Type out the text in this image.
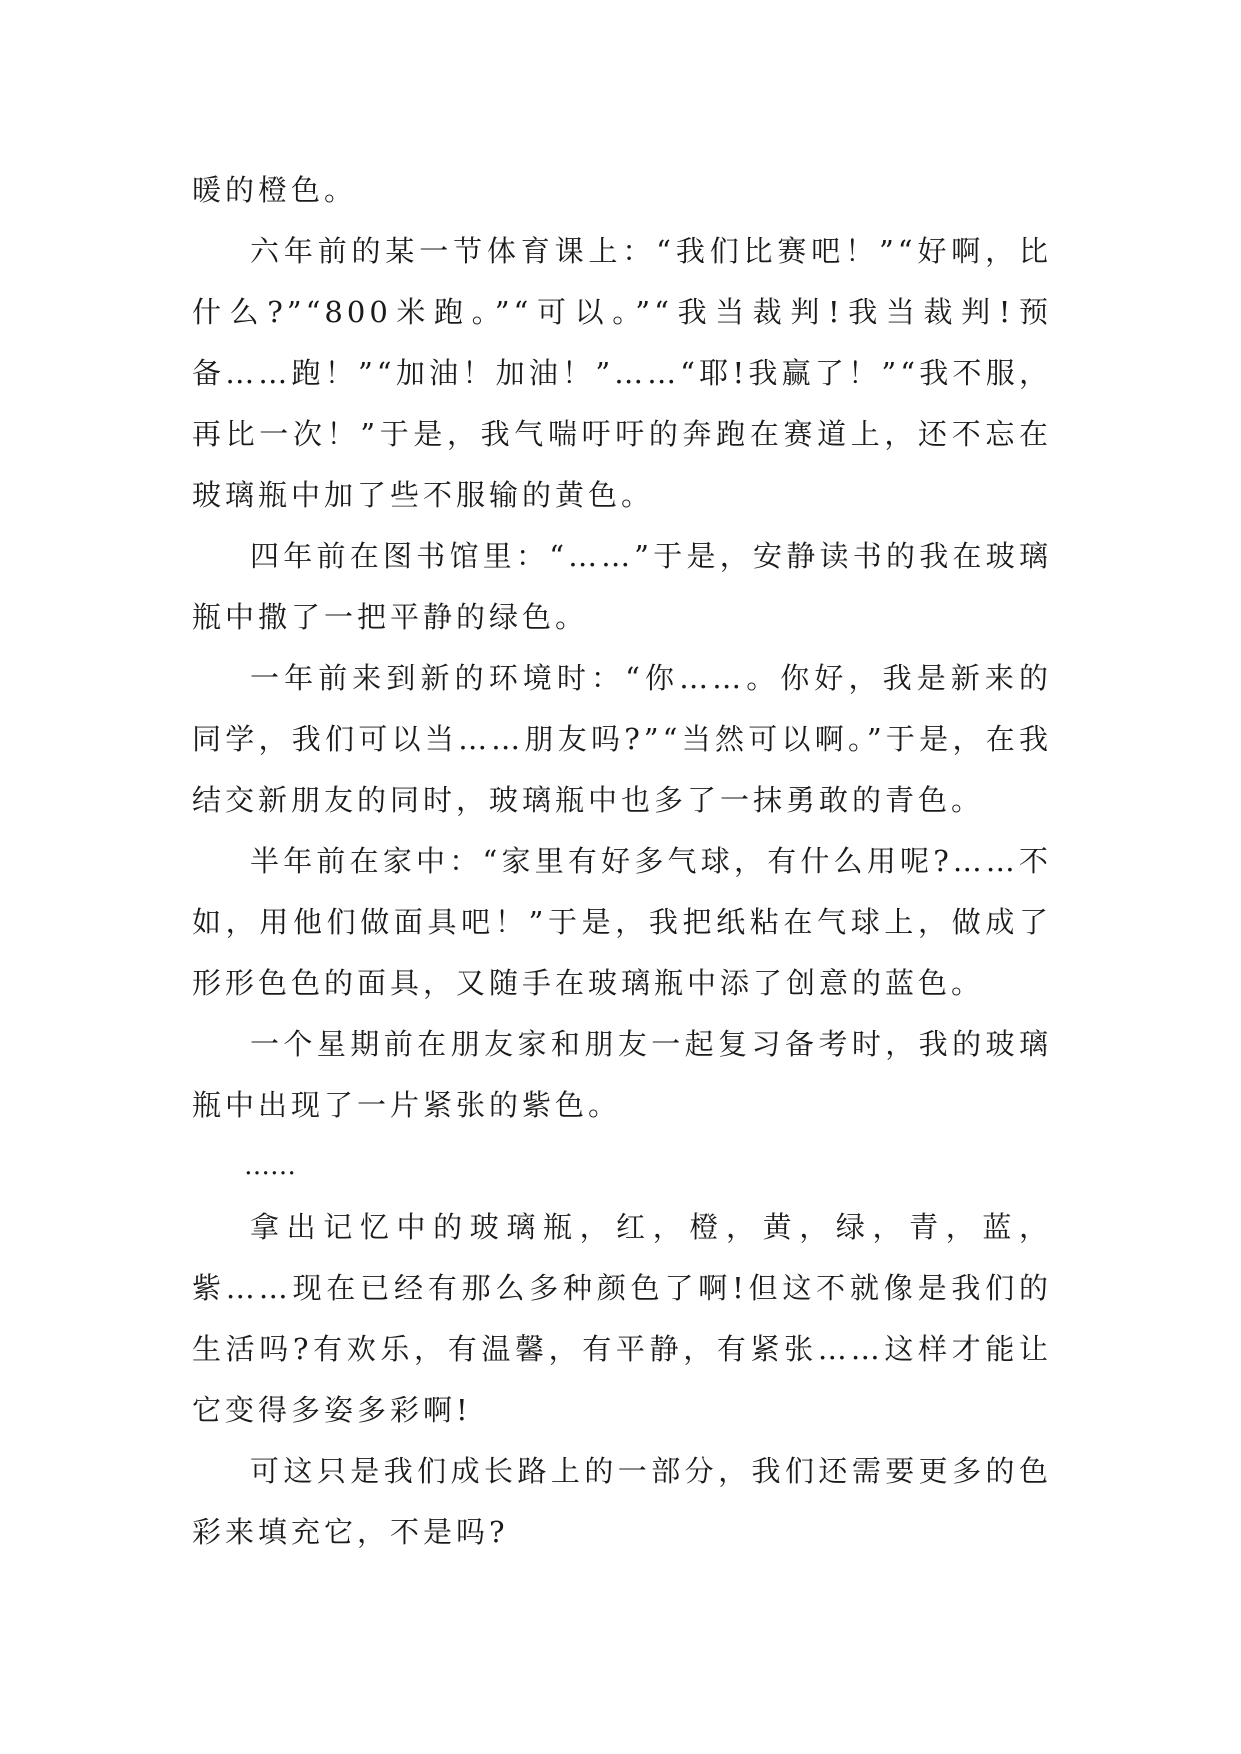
暖的橙色。

六年前的某一节体育课上：“我们比赛吧！”“好啊，比什么?”“800米跑。”“可以。”“我当裁判!我当裁判!预备……跑！”“加油！加油！”……“耶!我赢了！”“我不服，再比一次！”于是，我气喘吁吁的奔跑在赛道上，还不忘在玻璃瓶中加了些不服输的黄色。

四年前在图书馆里：“……”于是，安静读书的我在玻璃瓶中撒了一把平静的绿色。

一年前来到新的环境时：“你……。你好，我是新来的同学，我们可以当……朋友吗?”“当然可以啊。”于是，在我结交新朋友的同时，玻璃瓶中也多了一抹勇敢的青色。

半年前在家中：“家里有好多气球，有什么用呢?……不如，用他们做面具吧！”于是，我把纸粘在气球上，做成了形形色色的面具，又随手在玻璃瓶中添了创意的蓝色。

一个星期前在朋友家和朋友一起复习备考时，我的玻璃瓶中出现了一片紧张的紫色。

……

拿出记忆中的玻璃瓶，红，橙，黄，绿，青，蓝，紫……现在已经有那么多种颜色了啊!但这不就像是我们的生活吗?有欢乐，有温馨，有平静，有紧张……这样才能让它变得多姿多彩啊!

可这只是我们成长路上的一部分，我们还需要更多的色彩来填充它，不是吗?
